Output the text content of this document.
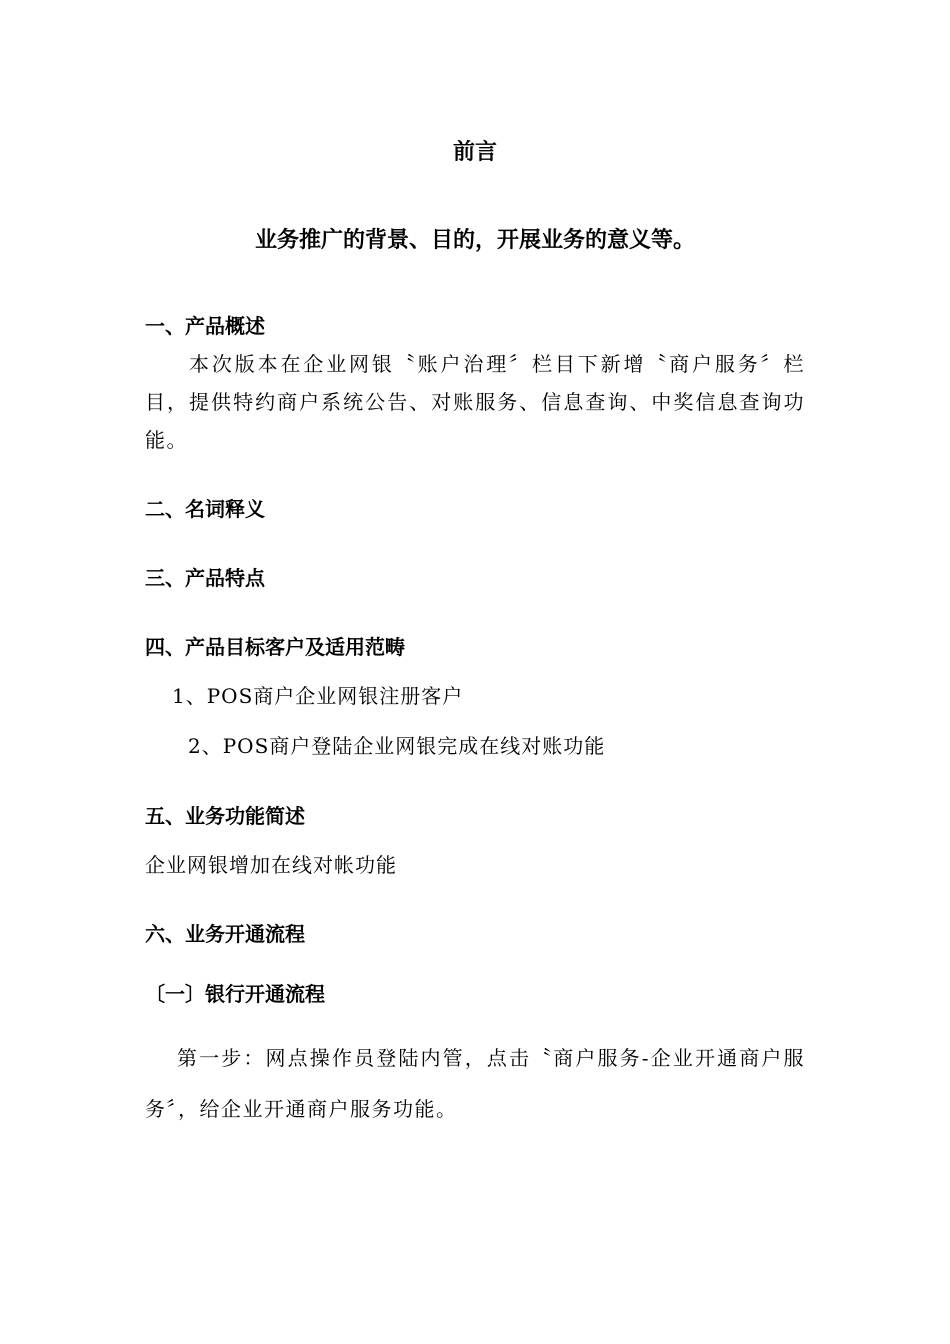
前言
业务推广的背景、目的，开展业务的意义等。
一、产品概述
本次版本在企业网银〝账户治理〞栏目下新增〝商户服务〞栏目，提供特约商户系统公告、对账服务、信息查询、中奖信息查询功能。
二、名词释义
三、产品特点
四、产品目标客户及适用范畴
1、POS商户企业网银注册客户
2、POS商户登陆企业网银完成在线对账功能
五、业务功能简述
企业网银增加在线对帐功能
六、业务开通流程
〔一〕银行开通流程
第一步：网点操作员登陆内管，点击〝商户服务-企业开通商户服务〞，给企业开通商户服务功能。
